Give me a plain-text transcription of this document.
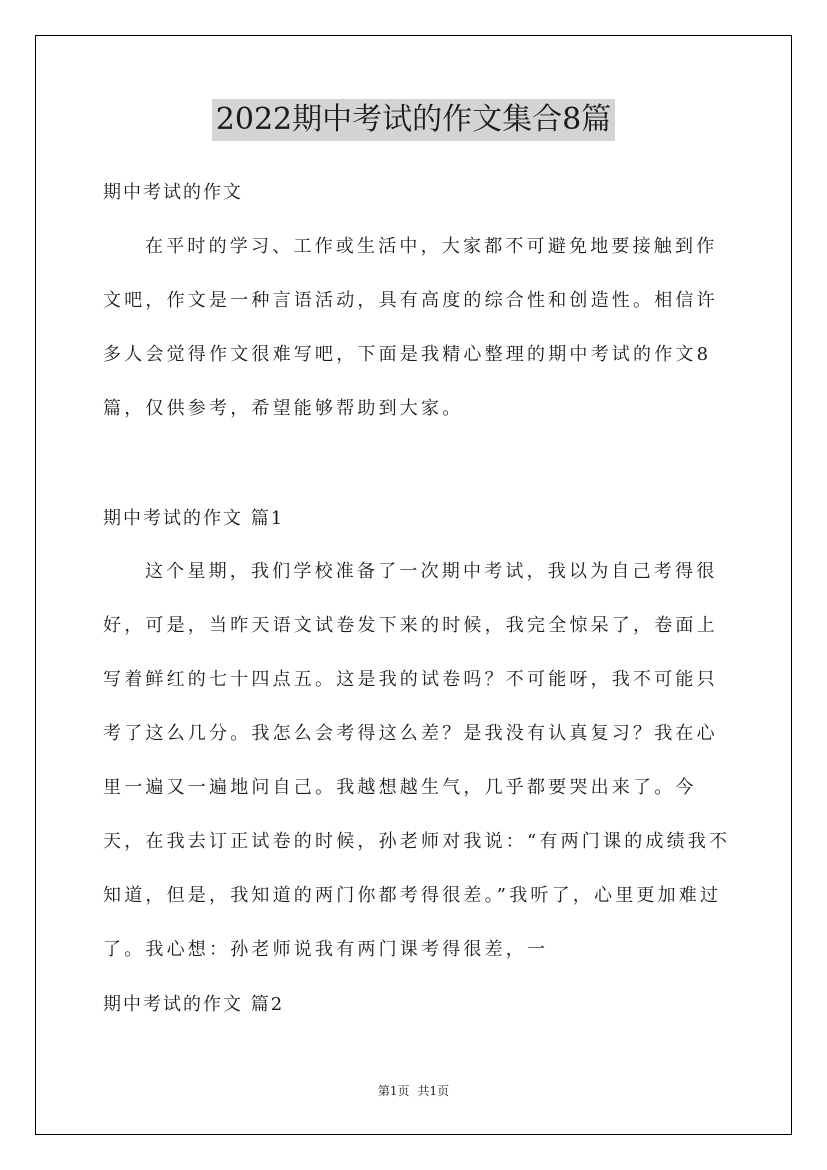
2022期中考试的作文集合8篇
期中考试的作文

在平时的学习、工作或生活中，大家都不可避免地要接触到作文吧，作文是一种言语活动，具有高度的综合性和创造性。相信许多人会觉得作文很难写吧，下面是我精心整理的期中考试的作文8篇，仅供参考，希望能够帮助到大家。

期中考试的作文 篇1

这个星期，我们学校准备了一次期中考试，我以为自己考得很好，可是，当昨天语文试卷发下来的时候，我完全惊呆了，卷面上写着鲜红的七十四点五。这是我的试卷吗？不可能呀，我不可能只考了这么几分。我怎么会考得这么差？是我没有认真复习？我在心里一遍又一遍地问自己。我越想越生气，几乎都要哭出来了。今天，在我去订正试卷的时候，孙老师对我说：“有两门课的成绩我不知道，但是，我知道的两门你都考得很差。”我听了，心里更加难过了。我心想：孙老师说我有两门课考得很差，一

期中考试的作文 篇2
第1页 共1页
